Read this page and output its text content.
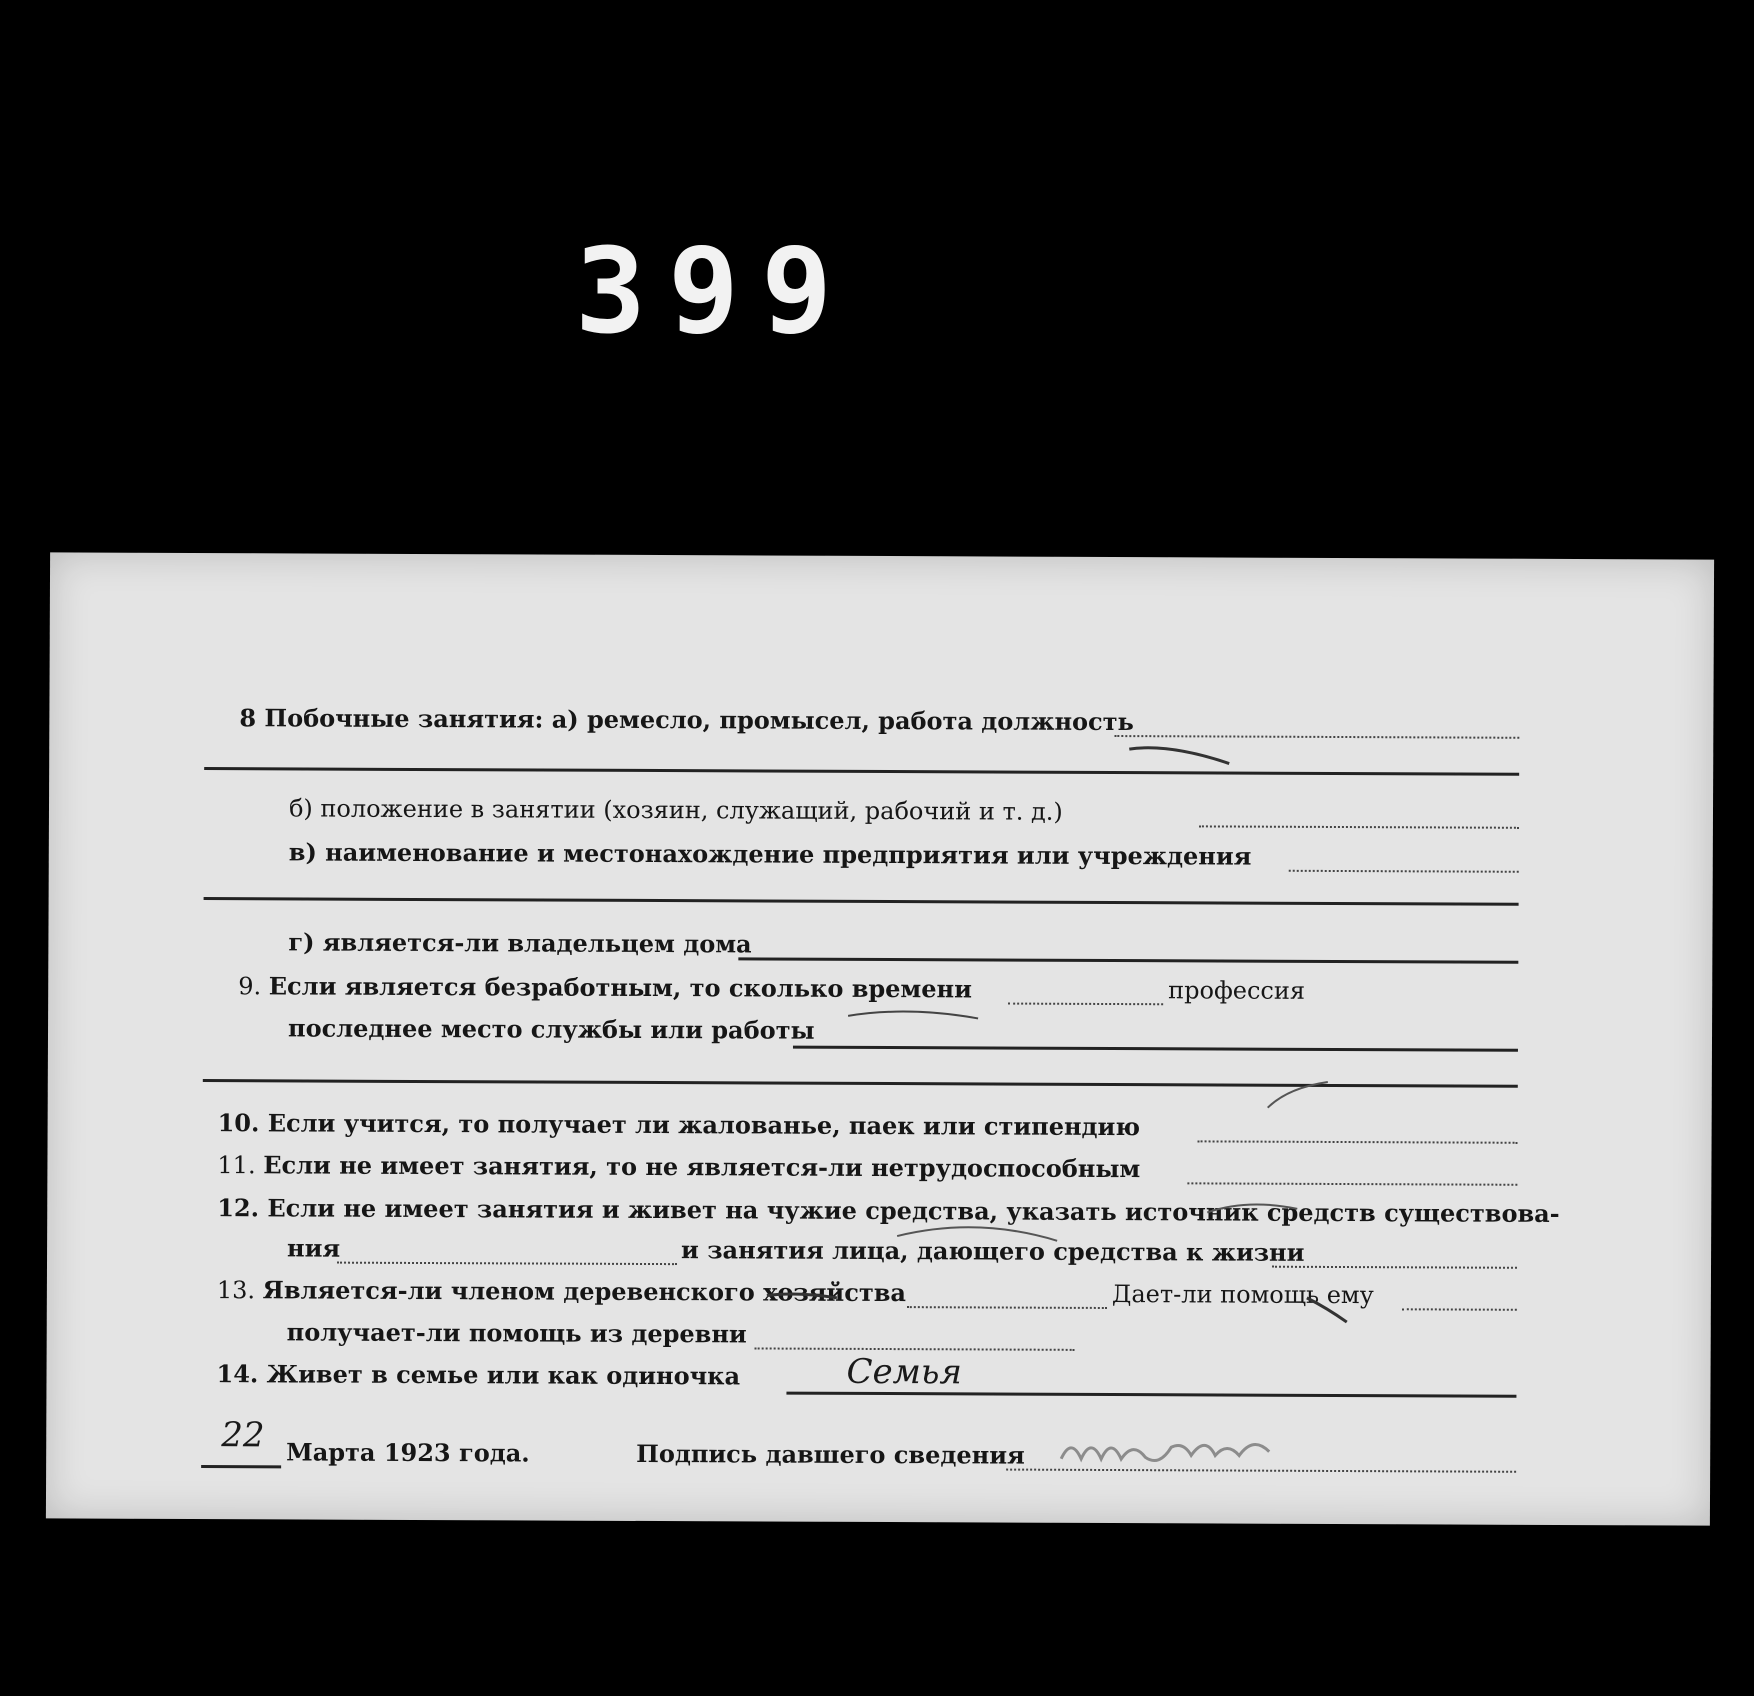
399
8 Побочные занятия: а) ремесло, промысел, работа должность
б) положение в занятии (хозяин, служащий, рабочий и т. д.)
в) наименование и местонахождение предприятия или учреждения
г) является-ли владельцем дома
9. Если является безработным, то сколько времени	профессия
последнее место службы или работы
10. Если учится, то получает ли жалованье, паек или стипендию
11. Если не имеет занятия, то не является-ли нетрудоспособным
12. Если не имеет занятия и живет на чужие средства, указать источник средств существова-
ния	и занятия лица, дающего средства к жизни
13. Является-ли членом деревенского хозяйства	Дает-ли помощь ему
получает-ли помощь из деревни
14. Живет в семье или как одиночка	Семья
22 Марта 1923 года.	Подпись давшего сведения
